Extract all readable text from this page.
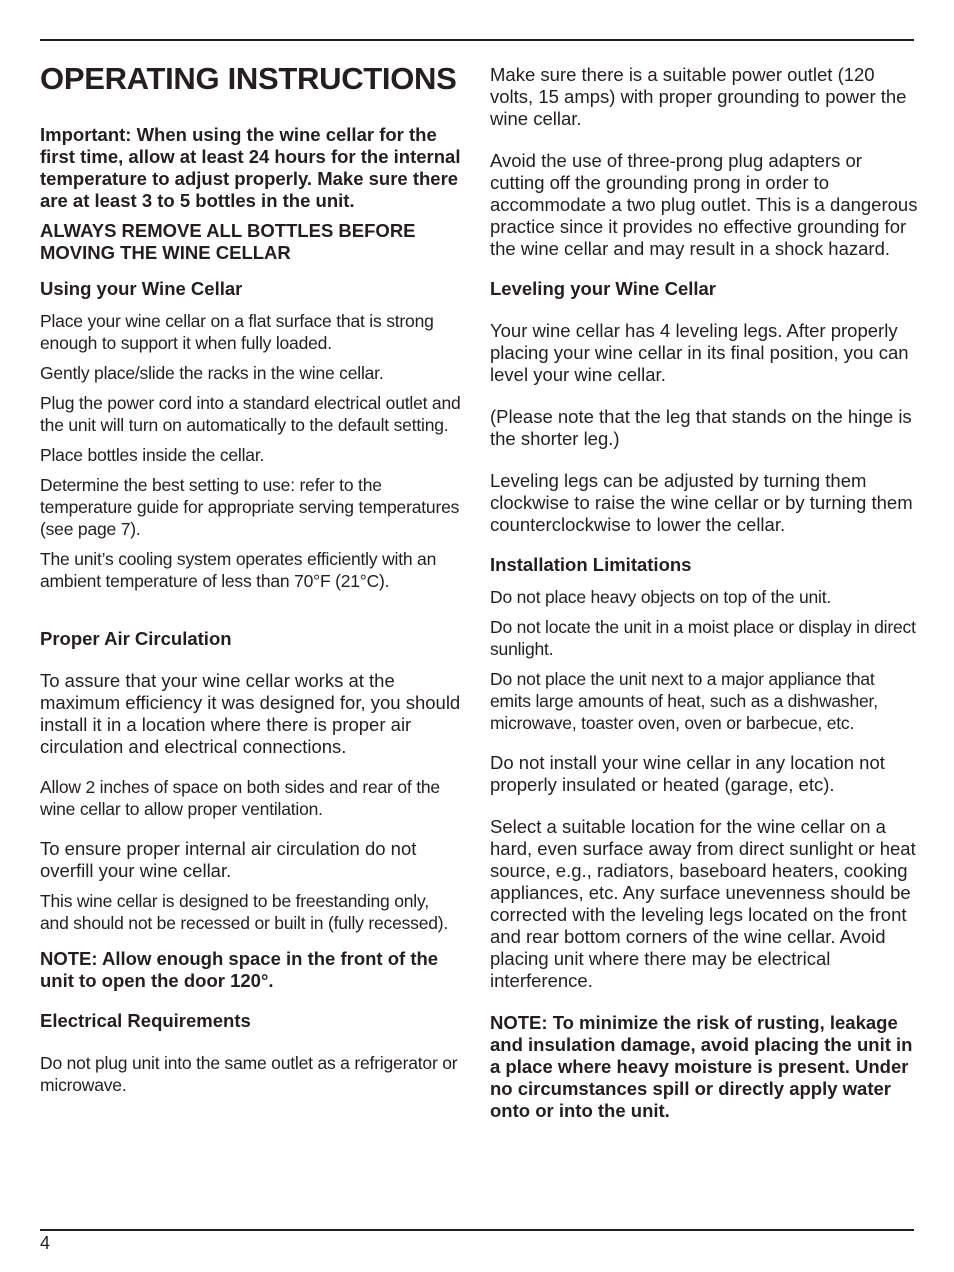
OPERATING INSTRUCTIONS

Important: When using the wine cellar for the first time, allow at least 24 hours for the internal temperature to adjust properly. Make sure there are at least 3 to 5 bottles in the unit.

ALWAYS REMOVE ALL BOTTLES BEFORE MOVING THE WINE CELLAR

Using your Wine Cellar

Place your wine cellar on a flat surface that is strong enough to support it when fully loaded.

Gently place/slide the racks in the wine cellar.

Plug the power cord into a standard electrical outlet and the unit will turn on automatically to the default setting.

Place bottles inside the cellar.

Determine the best setting to use: refer to the temperature guide for appropriate serving temperatures (see page 7).

The unit’s cooling system operates efficiently with an ambient temperature of less than 70°F (21°C).

Proper Air Circulation

To assure that your wine cellar works at the maximum efficiency it was designed for, you should install it in a location where there is proper air circulation and electrical connections.

Allow 2 inches of space on both sides and rear of the wine cellar to allow proper ventilation.

To ensure proper internal air circulation do not overfill your wine cellar.

This wine cellar is designed to be freestanding only, and should not be recessed or built in (fully recessed).

NOTE: Allow enough space in the front of the unit to open the door 120°.

Electrical Requirements

Do not plug unit into the same outlet as a refrigerator or microwave.

Make sure there is a suitable power outlet (120 volts, 15 amps) with proper grounding to power the wine cellar.

Avoid the use of three-prong plug adapters or cutting off the grounding prong in order to accommodate a two plug outlet. This is a dangerous practice since it provides no effective grounding for the wine cellar and may result in a shock hazard.

Leveling your Wine Cellar

Your wine cellar has 4 leveling legs. After properly placing your wine cellar in its final position, you can level your wine cellar.

(Please note that the leg that stands on the hinge is the shorter leg.)

Leveling legs can be adjusted by turning them clockwise to raise the wine cellar or by turning them counterclockwise to lower the cellar.

Installation Limitations

Do not place heavy objects on top of the unit.

Do not locate the unit in a moist place or display in direct sunlight.

Do not place the unit next to a major appliance that emits large amounts of heat, such as a dishwasher, microwave, toaster oven, oven or barbecue, etc.

Do not install your wine cellar in any location not properly insulated or heated (garage, etc).

Select a suitable location for the wine cellar on a hard, even surface away from direct sunlight or heat source, e.g., radiators, baseboard heaters, cooking appliances, etc. Any surface unevenness should be corrected with the leveling legs located on the front and rear bottom corners of the wine cellar. Avoid placing unit where there may be electrical interference.

NOTE: To minimize the risk of rusting, leakage and insulation damage, avoid placing the unit in a place where heavy moisture is present. Under no circumstances spill or directly apply water onto or into the unit.

4
